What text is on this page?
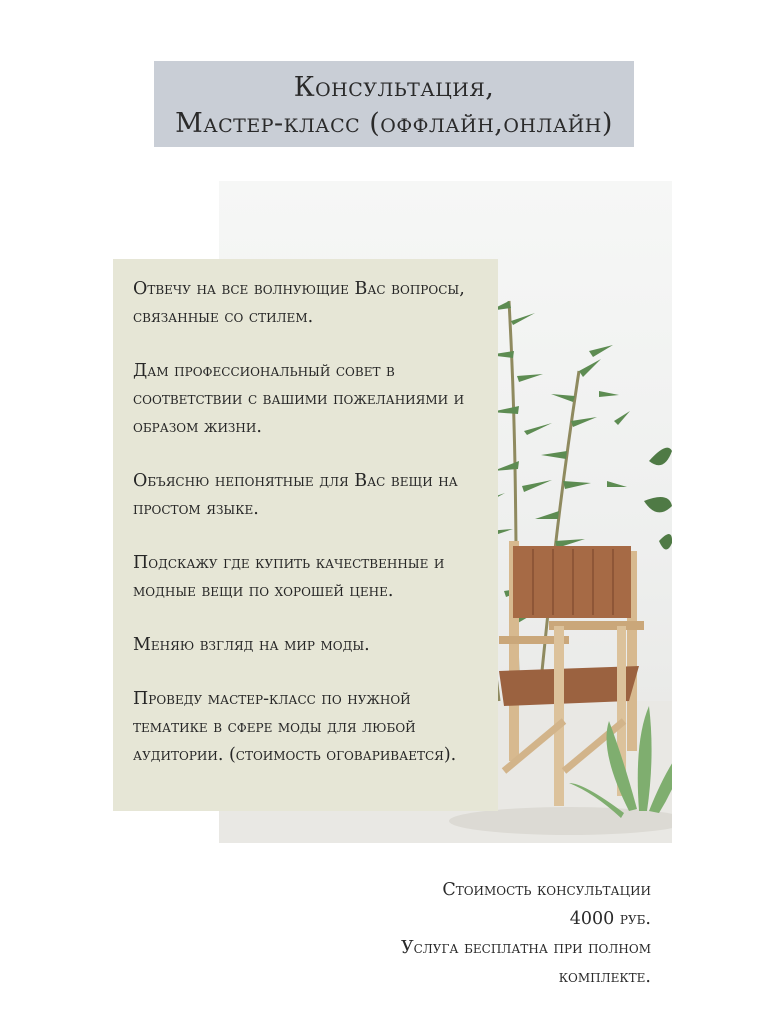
Консультация,
Мастер-класс (оффлайн,онлайн)

Отвечу на все волнующие Вас вопросы, связанные со стилем.

Дам профессиональный совет в соответствии с вашими пожеланиями и образом жизни.

Объясню непонятные для Вас вещи на простом языке.

Подскажу где купить качественные и модные вещи по хорошей цене.

Меняю взгляд на мир моды.

Проведу мастер-класс по нужной тематике в сфере моды для любой аудитории. (стоимость оговаривается).

Стоимость консультации
4000 руб.
Услуга бесплатна при полном
комплекте.
